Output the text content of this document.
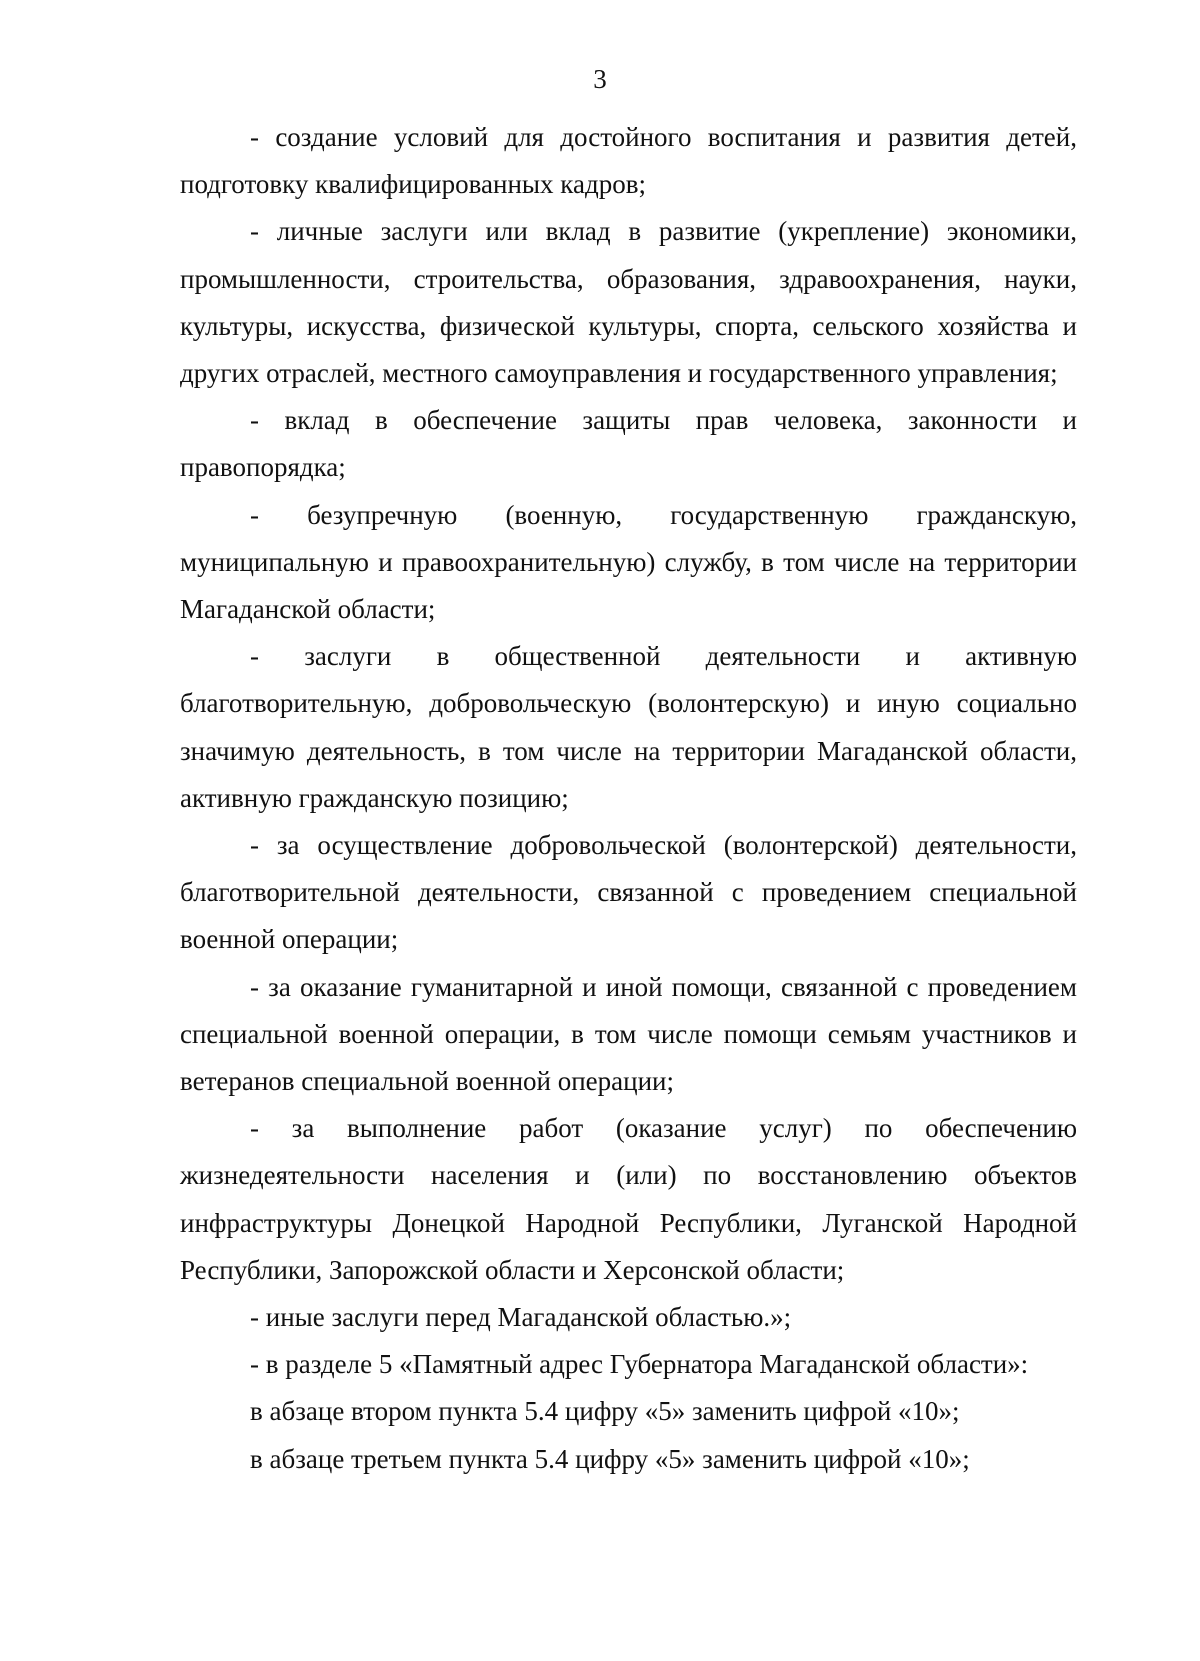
3

- создание условий для достойного воспитания и развития детей, подготовку квалифицированных кадров;

- личные заслуги или вклад в развитие (укрепление) экономики, промышленности, строительства, образования, здравоохранения, науки, культуры, искусства, физической культуры, спорта, сельского хозяйства и других отраслей, местного самоуправления и государственного управления;

- вклад в обеспечение защиты прав человека, законности и правопорядка;

- безупречную (военную, государственную гражданскую, муниципальную и правоохранительную) службу, в том числе на территории Магаданской области;

- заслуги в общественной деятельности и активную благотворительную, добровольческую (волонтерскую) и иную социально значимую деятельность, в том числе на территории Магаданской области, активную гражданскую позицию;

- за осуществление добровольческой (волонтерской) деятельности, благотворительной деятельности, связанной с проведением специальной военной операции;

- за оказание гуманитарной и иной помощи, связанной с проведением специальной военной операции, в том числе помощи семьям участников и ветеранов специальной военной операции;

- за выполнение работ (оказание услуг) по обеспечению жизнедеятельности населения и (или) по восстановлению объектов инфраструктуры Донецкой Народной Республики, Луганской Народной Республики, Запорожской области и Херсонской области;

- иные заслуги перед Магаданской областью.»;

- в разделе 5 «Памятный адрес Губернатора Магаданской области»:

в абзаце втором пункта 5.4 цифру «5» заменить цифрой «10»;

в абзаце третьем пункта 5.4 цифру «5» заменить цифрой «10»;
